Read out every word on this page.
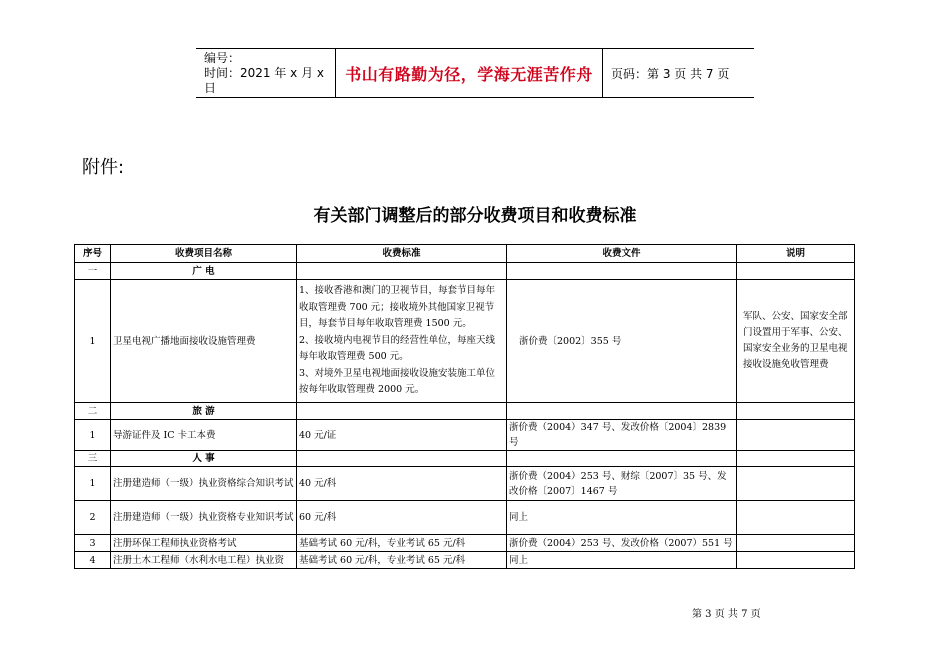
编号：
时间：2021 年 x 月 x 日
书山有路勤为径，学海无涯苦作舟	页码：第 3 页 共 7 页
附件:
有关部门调整后的部分收费项目和收费标准
序号	收费项目名称	收费标准	收费文件	说明
一	广 电			
1	卫星电视广播地面接收设施管理费	1、接收香港和澳门的卫视节目，每套节目每年收取管理费 700 元；接收境外其他国家卫视节目，每套节目每年收取管理费 1500 元。
2、接收境内电视节目的经营性单位，每座天线每年收取管理费 500 元。
3、对境外卫星电视地面接收设施安装施工单位按每年收取管理费 2000 元。	浙价费〔2002〕355 号	军队、公安、国家安全部门设置用于军事、公安、国家安全业务的卫星电视接收设施免收管理费
二	旅 游			
1	导游证件及 IC 卡工本费	40 元/证	浙价费（2004）347 号、发改价格〔2004〕2839 号	
三	人 事			
1	注册建造师（一级）执业资格综合知识考试	40 元/科	浙价费（2004）253 号、财综〔2007〕35 号、发改价格〔2007〕1467 号	
2	注册建造师（一级）执业资格专业知识考试	60 元/科	同上	
3	注册环保工程师执业资格考试	基础考试 60 元/科，专业考试 65 元/科	浙价费（2004）253 号、发改价格（2007）551 号	
4	注册土木工程师（水利水电工程）执业资	基础考试 60 元/科，专业考试 65 元/科	同上	
第 3 页 共 7 页
